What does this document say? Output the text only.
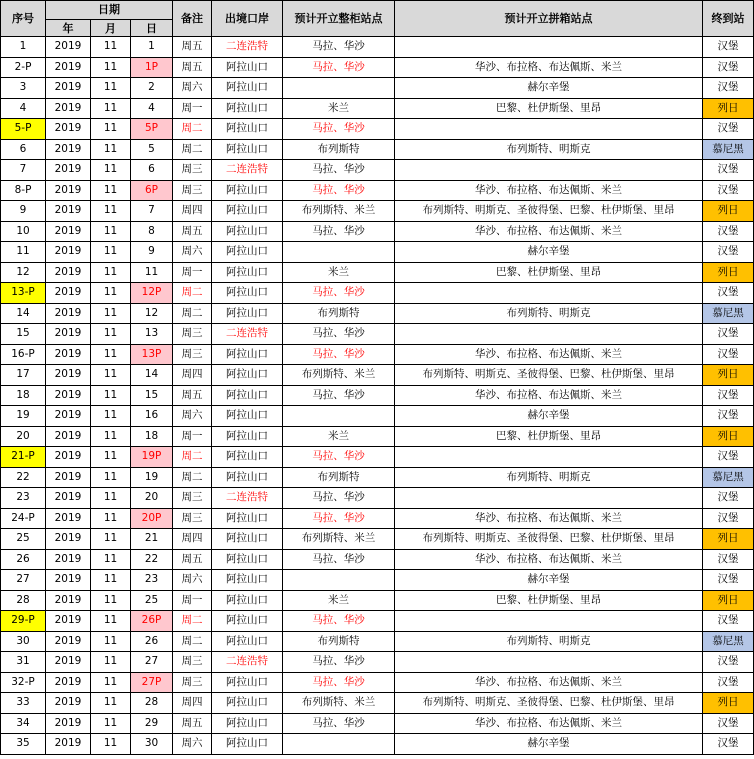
序号	日期			备注	出境口岸	预计开立整柜站点	预计开立拼箱站点	终到站
	年	月	日					
1	2019	11	1	周五	二连浩特	马拉、华沙		汉堡
2-P	2019	11	1P	周五	阿拉山口	马拉、华沙	华沙、布拉格、布达佩斯、米兰	汉堡
3	2019	11	2	周六	阿拉山口		赫尔辛堡	汉堡
4	2019	11	4	周一	阿拉山口	米兰	巴黎、杜伊斯堡、里昂	列日
5-P	2019	11	5P	周二	阿拉山口	马拉、华沙		汉堡
6	2019	11	5	周二	阿拉山口	布列斯特	布列斯特、明斯克	慕尼黑
7	2019	11	6	周三	二连浩特	马拉、华沙		汉堡
8-P	2019	11	6P	周三	阿拉山口	马拉、华沙	华沙、布拉格、布达佩斯、米兰	汉堡
9	2019	11	7	周四	阿拉山口	布列斯特、米兰	布列斯特、明斯克、圣彼得堡、巴黎、杜伊斯堡、里昂	列日
10	2019	11	8	周五	阿拉山口	马拉、华沙	华沙、布拉格、布达佩斯、米兰	汉堡
11	2019	11	9	周六	阿拉山口		赫尔辛堡	汉堡
12	2019	11	11	周一	阿拉山口	米兰	巴黎、杜伊斯堡、里昂	列日
13-P	2019	11	12P	周二	阿拉山口	马拉、华沙		汉堡
14	2019	11	12	周二	阿拉山口	布列斯特	布列斯特、明斯克	慕尼黑
15	2019	11	13	周三	二连浩特	马拉、华沙		汉堡
16-P	2019	11	13P	周三	阿拉山口	马拉、华沙	华沙、布拉格、布达佩斯、米兰	汉堡
17	2019	11	14	周四	阿拉山口	布列斯特、米兰	布列斯特、明斯克、圣彼得堡、巴黎、杜伊斯堡、里昂	列日
18	2019	11	15	周五	阿拉山口	马拉、华沙	华沙、布拉格、布达佩斯、米兰	汉堡
19	2019	11	16	周六	阿拉山口		赫尔辛堡	汉堡
20	2019	11	18	周一	阿拉山口	米兰	巴黎、杜伊斯堡、里昂	列日
21-P	2019	11	19P	周二	阿拉山口	马拉、华沙		汉堡
22	2019	11	19	周二	阿拉山口	布列斯特	布列斯特、明斯克	慕尼黑
23	2019	11	20	周三	二连浩特	马拉、华沙		汉堡
24-P	2019	11	20P	周三	阿拉山口	马拉、华沙	华沙、布拉格、布达佩斯、米兰	汉堡
25	2019	11	21	周四	阿拉山口	布列斯特、米兰	布列斯特、明斯克、圣彼得堡、巴黎、杜伊斯堡、里昂	列日
26	2019	11	22	周五	阿拉山口	马拉、华沙	华沙、布拉格、布达佩斯、米兰	汉堡
27	2019	11	23	周六	阿拉山口		赫尔辛堡	汉堡
28	2019	11	25	周一	阿拉山口	米兰	巴黎、杜伊斯堡、里昂	列日
29-P	2019	11	26P	周二	阿拉山口	马拉、华沙		汉堡
30	2019	11	26	周二	阿拉山口	布列斯特	布列斯特、明斯克	慕尼黑
31	2019	11	27	周三	二连浩特	马拉、华沙		汉堡
32-P	2019	11	27P	周三	阿拉山口	马拉、华沙	华沙、布拉格、布达佩斯、米兰	汉堡
33	2019	11	28	周四	阿拉山口	布列斯特、米兰	布列斯特、明斯克、圣彼得堡、巴黎、杜伊斯堡、里昂	列日
34	2019	11	29	周五	阿拉山口	马拉、华沙	华沙、布拉格、布达佩斯、米兰	汉堡
35	2019	11	30	周六	阿拉山口		赫尔辛堡	汉堡
